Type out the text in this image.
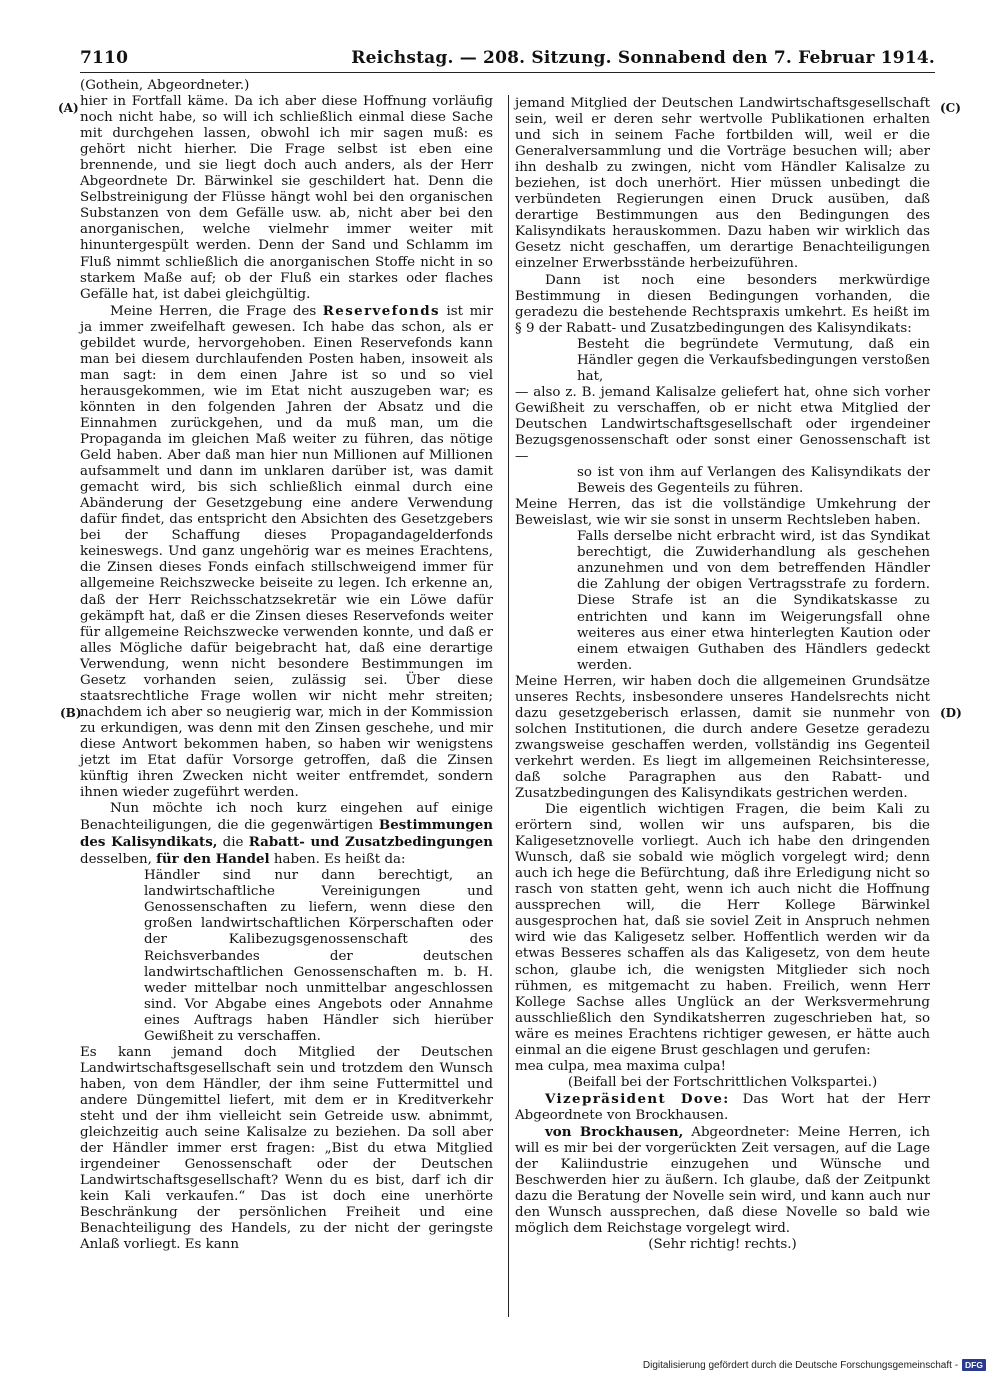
7110	Reichstag. — 208. Sitzung. Sonnabend den 7. Februar 1914.
(A)
(B)
(C)
(D)

(Gothein, Abgeordneter.)

hier in Fortfall käme. Da ich aber diese Hoffnung vorläufig noch nicht habe, so will ich schließlich einmal diese Sache mit durchgehen lassen, obwohl ich mir sagen muß: es gehört nicht hierher. Die Frage selbst ist eben eine brennende, und sie liegt doch auch anders, als der Herr Abgeordnete Dr. Bärwinkel sie geschildert hat. Denn die Selbstreinigung der Flüsse hängt wohl bei den organischen Substanzen von dem Gefälle usw. ab, nicht aber bei den anorganischen, welche vielmehr immer weiter mit hinuntergespült werden. Denn der Sand und Schlamm im Fluß nimmt schließlich die anorganischen Stoffe nicht in so starkem Maße auf; ob der Fluß ein starkes oder flaches Gefälle hat, ist dabei gleichgültig.

Meine Herren, die Frage des Reservefonds ist mir ja immer zweifelhaft gewesen. Ich habe das schon, als er gebildet wurde, hervorgehoben. Einen Reservefonds kann man bei diesem durchlaufenden Posten haben, insoweit als man sagt: in dem einen Jahre ist so und so viel herausgekommen, wie im Etat nicht auszugeben war; es könnten in den folgenden Jahren der Absatz und die Einnahmen zurückgehen, und da muß man, um die Propaganda im gleichen Maß weiter zu führen, das nötige Geld haben. Aber daß man hier nun Millionen auf Millionen aufsammelt und dann im unklaren darüber ist, was damit gemacht wird, bis sich schließlich einmal durch eine Abänderung der Gesetzgebung eine andere Verwendung dafür findet, das entspricht den Absichten des Gesetzgebers bei der Schaffung dieses Propagandagelderfonds keineswegs. Und ganz ungehörig war es meines Erachtens, die Zinsen dieses Fonds einfach stillschweigend immer für allgemeine Reichszwecke beiseite zu legen. Ich erkenne an, daß der Herr Reichsschatzsekretär wie ein Löwe dafür gekämpft hat, daß er die Zinsen dieses Reservefonds weiter für allgemeine Reichszwecke verwenden konnte, und daß er alles Mögliche dafür beigebracht hat, daß eine derartige Verwendung, wenn nicht besondere Bestimmungen im Gesetz vorhanden seien, zulässig sei. Über diese staatsrechtliche Frage wollen wir nicht mehr streiten; nachdem ich aber so neugierig war, mich in der Kommission zu erkundigen, was denn mit den Zinsen geschehe, und mir diese Antwort bekommen haben, so haben wir wenigstens jetzt im Etat dafür Vorsorge getroffen, daß die Zinsen künftig ihren Zwecken nicht weiter entfremdet, sondern ihnen wieder zugeführt werden.

Nun möchte ich noch kurz eingehen auf einige Benachteiligungen, die die gegenwärtigen Bestimmungen des Kalisyndikats, die Rabatt- und Zusatzbedingungen desselben, für den Handel haben. Es heißt da:

Händler sind nur dann berechtigt, an landwirtschaftliche Vereinigungen und Genossenschaften zu liefern, wenn diese den großen landwirtschaftlichen Körperschaften oder der Kalibezugsgenossenschaft des Reichsverbandes der deutschen landwirtschaftlichen Genossenschaften m. b. H. weder mittelbar noch unmittelbar angeschlossen sind. Vor Abgabe eines Angebots oder Annahme eines Auftrags haben Händler sich hierüber Gewißheit zu verschaffen.

Es kann jemand doch Mitglied der Deutschen Landwirtschaftsgesellschaft sein und trotzdem den Wunsch haben, von dem Händler, der ihm seine Futtermittel und andere Düngemittel liefert, mit dem er in Kreditverkehr steht und der ihm vielleicht sein Getreide usw. abnimmt, gleichzeitig auch seine Kalisalze zu beziehen. Da soll aber der Händler immer erst fragen: „Bist du etwa Mitglied irgendeiner Genossenschaft oder der Deutschen Landwirtschaftsgesellschaft? Wenn du es bist, darf ich dir kein Kali verkaufen.“ Das ist doch eine unerhörte Beschränkung der persönlichen Freiheit und eine Benachteiligung des Handels, zu der nicht der geringste Anlaß vorliegt. Es kann

jemand Mitglied der Deutschen Landwirtschaftsgesellschaft sein, weil er deren sehr wertvolle Publikationen erhalten und sich in seinem Fache fortbilden will, weil er die Generalversammlung und die Vorträge besuchen will; aber ihn deshalb zu zwingen, nicht vom Händler Kalisalze zu beziehen, ist doch unerhört. Hier müssen unbedingt die verbündeten Regierungen einen Druck ausüben, daß derartige Bestimmungen aus den Bedingungen des Kalisyndikats herauskommen. Dazu haben wir wirklich das Gesetz nicht geschaffen, um derartige Benachteiligungen einzelner Erwerbsstände herbeizuführen.

Dann ist noch eine besonders merkwürdige Bestimmung in diesen Bedingungen vorhanden, die geradezu die bestehende Rechtspraxis umkehrt. Es heißt im § 9 der Rabatt- und Zusatzbedingungen des Kalisyndikats:

Besteht die begründete Vermutung, daß ein Händler gegen die Verkaufsbedingungen verstoßen hat,

— also z. B. jemand Kalisalze geliefert hat, ohne sich vorher Gewißheit zu verschaffen, ob er nicht etwa Mitglied der Deutschen Landwirtschaftsgesellschaft oder irgendeiner Bezugsgenossenschaft oder sonst einer Genossenschaft ist —

so ist von ihm auf Verlangen des Kalisyndikats der Beweis des Gegenteils zu führen.

Meine Herren, das ist die vollständige Umkehrung der Beweislast, wie wir sie sonst in unserm Rechtsleben haben.

Falls derselbe nicht erbracht wird, ist das Syndikat berechtigt, die Zuwiderhandlung als geschehen anzunehmen und von dem betreffenden Händler die Zahlung der obigen Vertragsstrafe zu fordern. Diese Strafe ist an die Syndikatskasse zu entrichten und kann im Weigerungsfall ohne weiteres aus einer etwa hinterlegten Kaution oder einem etwaigen Guthaben des Händlers gedeckt werden.

Meine Herren, wir haben doch die allgemeinen Grundsätze unseres Rechts, insbesondere unseres Handelsrechts nicht dazu gesetzgeberisch erlassen, damit sie nunmehr von solchen Institutionen, die durch andere Gesetze geradezu zwangsweise geschaffen werden, vollständig ins Gegenteil verkehrt werden. Es liegt im allgemeinen Reichsinteresse, daß solche Paragraphen aus den Rabatt- und Zusatzbedingungen des Kalisyndikats gestrichen werden.

Die eigentlich wichtigen Fragen, die beim Kali zu erörtern sind, wollen wir uns aufsparen, bis die Kaligesetznovelle vorliegt. Auch ich habe den dringenden Wunsch, daß sie sobald wie möglich vorgelegt wird; denn auch ich hege die Befürchtung, daß ihre Erledigung nicht so rasch von statten geht, wenn ich auch nicht die Hoffnung aussprechen will, die Herr Kollege Bärwinkel ausgesprochen hat, daß sie soviel Zeit in Anspruch nehmen wird wie das Kaligesetz selber. Hoffentlich werden wir da etwas Besseres schaffen als das Kaligesetz, von dem heute schon, glaube ich, die wenigsten Mitglieder sich noch rühmen, es mitgemacht zu haben. Freilich, wenn Herr Kollege Sachse alles Unglück an der Werksvermehrung ausschließlich den Syndikatsherren zugeschrieben hat, so wäre es meines Erachtens richtiger gewesen, er hätte auch einmal an die eigene Brust geschlagen und gerufen:

mea culpa, mea maxima culpa!

(Beifall bei der Fortschrittlichen Volkspartei.)

Vizepräsident Dove: Das Wort hat der Herr Abgeordnete von Brockhausen.

von Brockhausen, Abgeordneter: Meine Herren, ich will es mir bei der vorgerückten Zeit versagen, auf die Lage der Kaliindustrie einzugehen und Wünsche und Beschwerden hier zu äußern. Ich glaube, daß der Zeitpunkt dazu die Beratung der Novelle sein wird, und kann auch nur den Wunsch aussprechen, daß diese Novelle so bald wie möglich dem Reichstage vorgelegt wird.

(Sehr richtig! rechts.)

Digitalisierung gefördert durch die Deutsche Forschungsgemeinschaft - DFG
